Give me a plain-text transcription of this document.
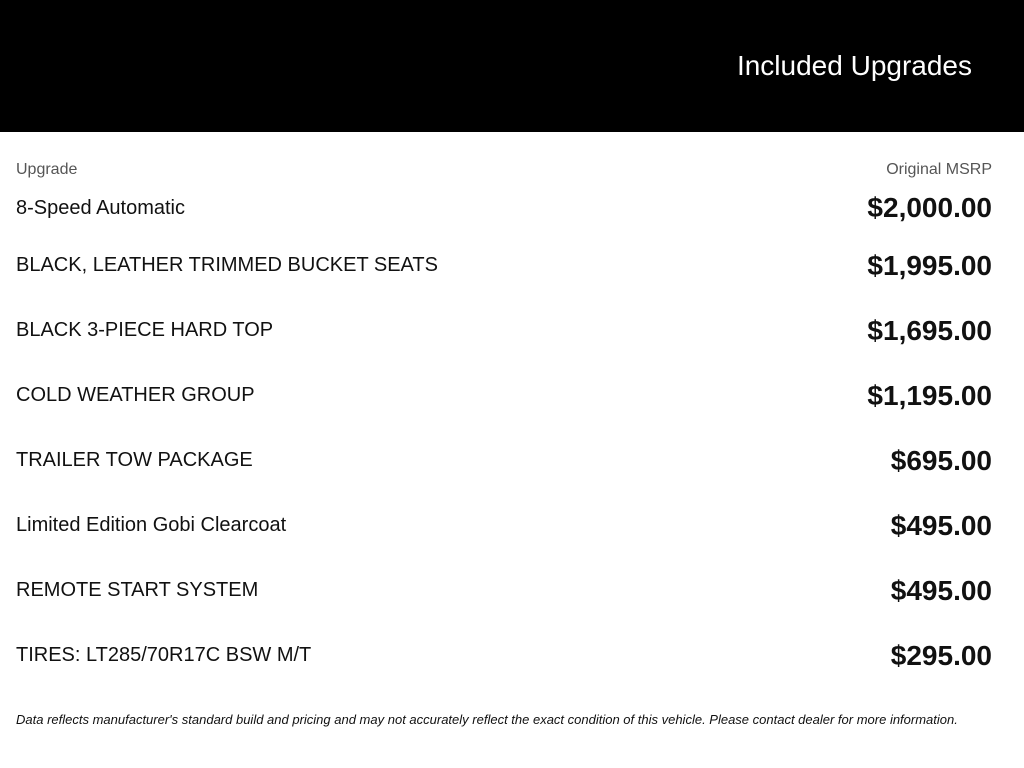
Included Upgrades
Upgrade	Original MSRP
8-Speed Automatic	$2,000.00
BLACK, LEATHER TRIMMED BUCKET SEATS	$1,995.00
BLACK 3-PIECE HARD TOP	$1,695.00
COLD WEATHER GROUP	$1,195.00
TRAILER TOW PACKAGE	$695.00
Limited Edition Gobi Clearcoat	$495.00
REMOTE START SYSTEM	$495.00
TIRES: LT285/70R17C BSW M/T	$295.00
Data reflects manufacturer's standard build and pricing and may not accurately reflect the exact condition of this vehicle. Please contact dealer for more information.
